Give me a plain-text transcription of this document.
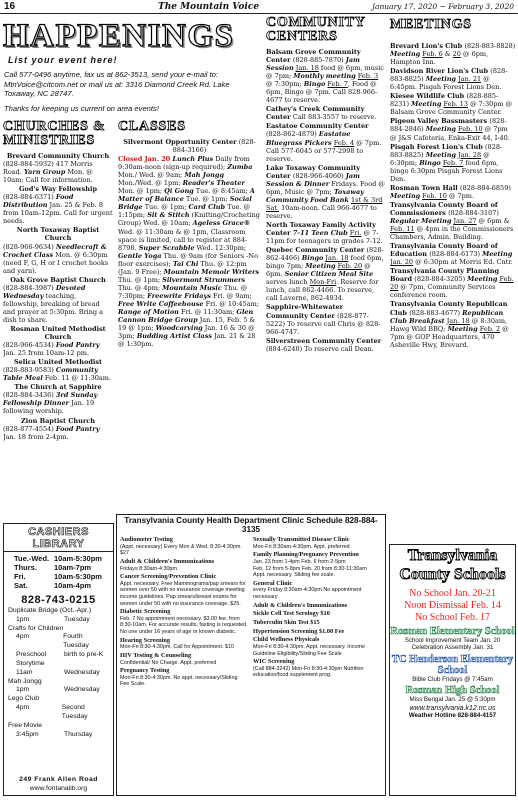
16	The Mountain Voice	January 17, 2020 ~ February 3, 2020
HAPPENINGS
List your event here!
Call 577-0496 anytime, fax us at 862-3513, send your e-mail to: MtnVoice@citcom.net or mail us at: 3316 Diamond Creek Rd. Lake Toxaway, NC 28747.
Thanks for keeping us current on area events!
CHURCHES & MINISTRIES
CLASSES
COMMUNITY CENTERS
MEETINGS

Brevard Community Church
(828-884-5932) 417 Morris Road. Yarn Group Mon. @ 10am; Call for information.

God's Way Fellowship
(828-884-6371) Food Distribution Jan. 25 & Feb. 8 from 10am-12pm. Call for urgent needs.

North Toxaway Baptist Church
(828-966-9634) Needlecraft & Crochet Class Mon. @ 6:30pm (need F, G, H or I crochet hooks and yarn).

Oak Grove Baptist Church
(828-884-3987) Devoted Wednesday teaching, fellowship, breaking of bread and prayer at 5:30pm. Bring a dish to share.

Rosman United Methodist Church
(828-966-4534) Food Pantry Jan. 25 from 10am-12 pm.

Selica United Methodist
(828-883-9583) Community Table Meal Feb. 11 @ 11:30am.

The Church at Sapphire
(828-884-3436) 3rd Sunday Fellowship Dinner Jan. 19 following worship.

Zion Baptist Church
(828-877-4554) Food Pantry Jan. 18 from 2-4pm.

Silvermont Opportunity Center (828-884-3166)

Closed Jan. 20 Lunch Plus Daily from 9:30am-noon (sign-up required); Zumba Mon./ Wed. @ 9am; Mah Jongg Mon./Wed. @ 1pm; Reader's Theater Mon. @ 1pm; Qi Gong Tue. @ 8:45am; A Matter of Balance Tue. @ 1pm; Social Bridge Tue. @ 1pm; Card Club Tue. @ 1:15pm; Sit & Stitch (Knitting/Crocheting Group) Wed. @ 10am; Ageless Grace® Wed. @ 11:30am & @ 1pm, Classroom space is limited, call to register at 884-8798. Super Scrabble Wed. 12:30pm; Gentle Yoga Thu. @ 9am (for Seniors -No floor exercises); Tai Chi Thu. @ 12:pm (Jan. 9 Free); Mountain Memoir Writers Thu. @ 1pm; Silvermont Strummers Thu. @ 4pm; Mountain Music Thu. @ 7:30pm; Freewrite Fridays Fri. @ 9am; Free Write Coffeehouse Fri. @ 10:45am; Range of Motion Fri. @ 11:30am; Glen Cannon Bridge Group Jan. 15, Feb. 5 & 19 @ 1pm; Woodcarving Jan. 16 & 30 @ 3pm; Budding Artist Class Jan. 21 & 28 @ 1:30pm.

Balsam Grove Community Center (828-885-7870) Jam Session Jan. 18 food @ 6pm, music @ 7pm; Monthly meeting Feb. 3 @ 7:30pm; Bingo Feb. 7, Food @ 6pm, Bingo @ 7pm. Call 828-966-4677 to reserve.

Cathey's Creek Community Center Call 883-3557 to reserve.

Eastatoe Community Center (828-862-4879) Eastatoe Bluegrass Pickers Feb. 4 @ 7pm. Call 577-6045 or 577-2998 to reserve.

Lake Toxaway Community Center (828-966-4060) Jam Session & Dinner Fridays. Food @ 6pm, Music @ 7pm; Toxaway Community Food Bank 1st & 3rd Sat. 10am-noon. Call 966-4677 to reserve.

North Toxaway Family Activity Center 7-11 Teen Club Fri. @ 7-11pm for teenagers in grades 7-12.

Quebec Community Center (828-862-4466) Bingo Jan. 18 food 6pm, bingo 7pm; Meeting Feb. 20 @ 6pm. Senior Citizen Meal Site serves lunch Mon-Fri. Reserve for lunch, call 862-4466. To reserve, call Laverne, 862-4934.

Sapphire-Whitewater Community Center (828-877-5222) To reserve call Chris @ 828-966-4747.

Silverstreen Community Center (884-6240) To reserve call Dean.

Brevard Lion's Club (828-883-8828) Meeting Feb. 6 & 20 @ 6pm, Hampton Inn.

Davidson River Lion's Club (828-883-8825) Meeting Jan. 21 @ 6:45pm. Pisgah Forest Lions Den.

Kiesee Wildlife Club (828-885-8231) Meeting Feb. 13 @ 7:30pm @ Balsam Grove Community Center.

Pigeon Valley Bassmasters (828-884-2846) Meeting Feb. 10 @ 7pm @ J&S Cafeteria, Enka-Exit 44, I-40.

Pisgah Forest Lion's Club (828-883-8825) Meeting Jan. 28 @ 6:30pm; Bingo Feb. 7 food 6pm, bingo 6:30pm Pisgah Forest Lions Den.

Rosman Town Hall (828-884-6859) Meeting Feb. 10 @ 7pm.

Transylvania County Board of Commissioners (828-884-3107) Regular Meeting Jan. 27 @ 6pm & Feb. 11 @ 4pm in the Commissioners Chambers, Admin. Building.

Transylvania County Board of Education (828-884-6173) Meeting Jan. 20 @ 6:30pm at Morris Ed. Cntr.

Transylvania County Planning Board (828-884-3205) Meeting Feb. 20 @ 7pm, Community Services conference room.

Transylvania County Republican Club (828-883-4677) Republican Club Breakfast Jan. 18 @ 8:30am, Hawg Wild BBQ; Meeting Feb. 2 @ 7pm @ GOP Headquarters, 470 Asheville Hwy, Brevard.

CASHIERS LIBRARY
Tue.-Wed. 10am-5:30pm
Thurs.	10am-7pm
Fri.	10am-5:30pm
Sat.	10am-4pm
828-743-0215
Duplicate Bridge (Oct.-Apr.)
1pm	Tuesday
Crafts for Children
4pm	Fourth Tuesday
Preschool Storytime
birth to pre-K
11am	Wednesday
Mah Jongg
1pm	Wednesday
Lego Club
4pm	Second Tuesday
Free Movie
3:45pm	Thursday
249 Frank Allen Road
www.fontanalib.org
Transylvania County Health Department Clinic Schedule 828-884-3135
Audiometer Testing

(Appt. necessary) Every Mon & Wed. 8:30-4:30pm. $27

Adult & Children's Immunizations

Fridays 8:30am-4:30pm.

Cancer Screening/Prevention Clinic

Appt. necessary. Free Mammograms/pap smears for women over 50 with no insurance coverage meeting income guidelines. Pap smears/breast exams for women under 50 with no insurance coverage. $25.

Diabetic Screening

Feb. 7 No appointment necessary. $3.00 fee. from 8:30-10am. For accurate results, fasting is requested. No one under 16 years of age or known diabetic.

Hearing Screening

Mon-Fri 8:30-4:30pm. Call for Appointment. $10

HIV Testing & Counseling

Confidential/ No Charge. Appt. preferred

Pregnancy Testing

Mon-Fri 8:30-4:30pm. No appt. necessary/Sliding Fee Scale.

Sexually Transmitted Disease Clinic

Mon-Fri 8:30am-4:30pm. Appt. preferred

Family Planning/Pregnancy Prevention

Jan. 23 from 1-4pm Feb. 6 from 2-5pm

Feb. 12 from 5-8pm Feb. 20 from 8:30-11:30am

Appt. necessary. Sliding fee scale.

General Clinic

every Friday 8:30am-4:30pm No appointment necessary

Adult & Children's Immunizations
Sickle Cell Test Serology $10
Tuberculin Skin Test $15
Hypertension Screening $1.00 Fee
Child Wellness Physicals

Mon-Fri 8:30-4:30pm. Appt. necessary. Income Guideline Eligibility/Sliding Fee Scale

WIC Screening

(Call 884-3242) Mon-Fri 8:30-4:30pm Nutrition education/food supplement prog.

Transylvania
County Schools
No School Jan. 20-21
Noon Dismissal Feb. 14
No School Feb. 17
Rosman Elementary School
School Improvement Team Jan. 20 Celebration Assembly Jan. 31
TC Henderson Elementary School
Bible Club Fridays @ 7:45am
Rosman High School
Miss Bengal Jan. 25 @ 5:30pm
www.transylvania.k12.nc.us
Weather Hotline 828-884-4157
